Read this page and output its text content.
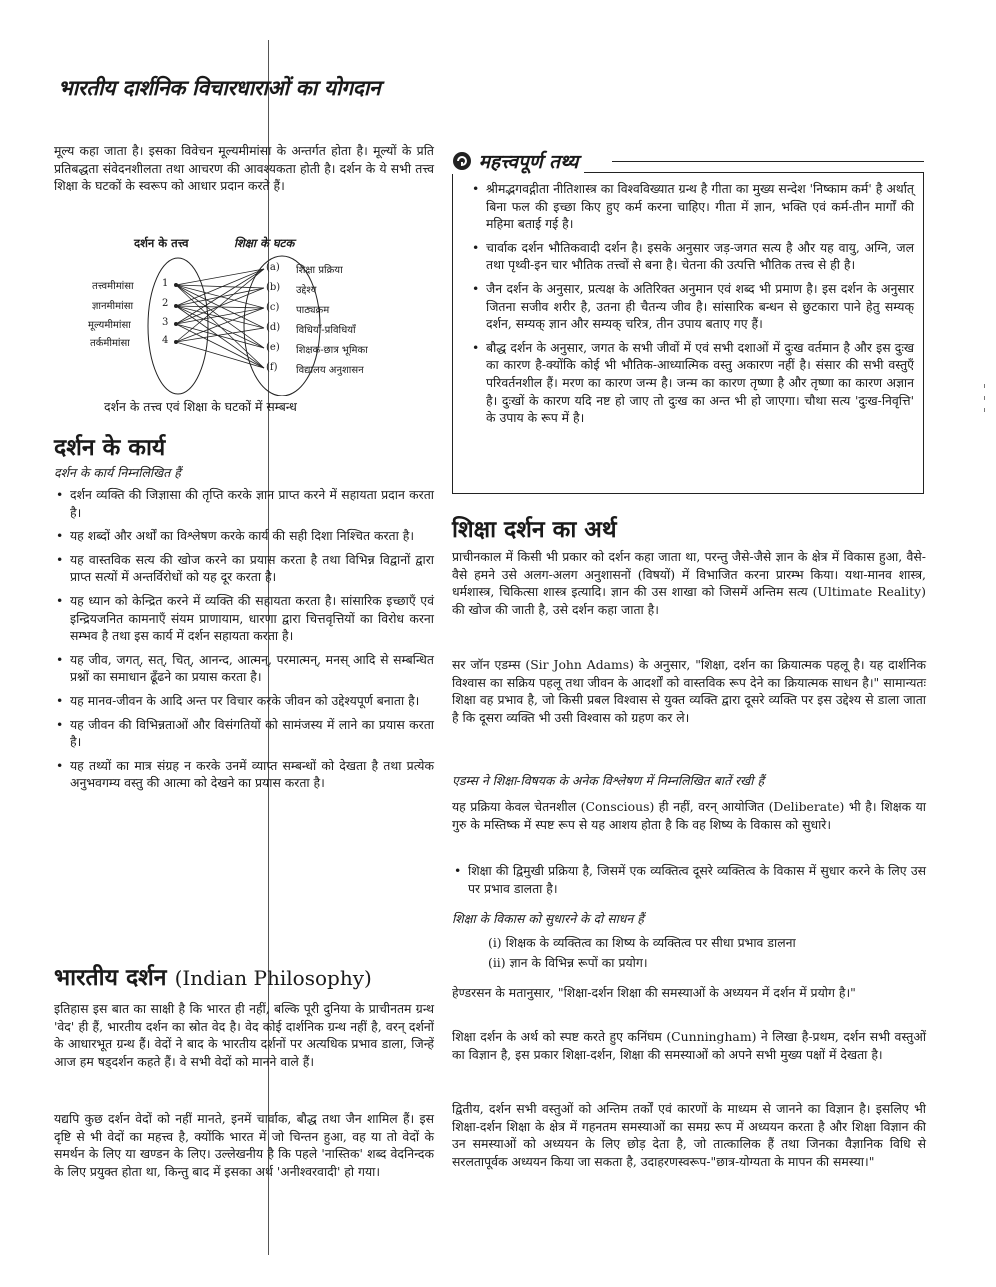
भारतीय दार्शनिक विचारधाराओं का योगदान
मूल्य कहा जाता है। इसका विवेचन मूल्यमीमांसा के अन्तर्गत होता है। मूल्यों के प्रति प्रतिबद्धता संवेदनशीलता तथा आचरण की आवश्यकता होती है। दर्शन के ये सभी तत्त्व शिक्षा के घटकों के स्वरूप को आधार प्रदान करते हैं।
दर्शन के तत्त्व	शिक्षा के घटक
तत्त्वमीमांसा
ज्ञानमीमांसा
मूल्यमीमांसा
तर्कमीमांसा
1
2
3
4
(a)
(b)
(c)
(d)
(e)
(f)
शिक्षा प्रक्रिया
उद्देश्य
पाठ्यक्रम
विधियाँ-प्रविधियाँ
शिक्षक-छात्र भूमिका
विद्यालय अनुशासन
दर्शन के तत्त्व एवं शिक्षा के घटकों में सम्बन्ध
दर्शन के कार्य
दर्शन के कार्य निम्नलिखित हैं
• दर्शन व्यक्ति की जिज्ञासा की तृप्ति करके ज्ञान प्राप्त करने में सहायता प्रदान करता है।
• यह शब्दों और अर्थों का विश्लेषण करके कार्य की सही दिशा निश्चित करता है।
• यह वास्तविक सत्य की खोज करने का प्रयास करता है तथा विभिन्न विद्वानों द्वारा प्राप्त सत्यों में अन्तर्विरोधों को यह दूर करता है।
• यह ध्यान को केन्द्रित करने में व्यक्ति की सहायता करता है। सांसारिक इच्छाएँ एवं इन्द्रियजनित कामनाएँ संयम प्राणायाम, धारणा द्वारा चित्तवृत्तियों का विरोध करना सम्भव है तथा इस कार्य में दर्शन सहायता करता है।
• यह जीव, जगत्, सत्, चित्, आनन्द, आत्मन्, परमात्मन्, मनस् आदि से सम्बन्धित प्रश्नों का समाधान ढूँढने का प्रयास करता है।
• यह मानव-जीवन के आदि अन्त पर विचार करके जीवन को उद्देश्यपूर्ण बनाता है।
• यह जीवन की विभिन्नताओं और विसंगतियों को सामंजस्य में लाने का प्रयास करता है।
• यह तथ्यों का मात्र संग्रह न करके उनमें व्याप्त सम्बन्धों को देखता है तथा प्रत्येक अनुभवगम्य वस्तु की आत्मा को देखने का प्रयास करता है।
भारतीय दर्शन (Indian Philosophy)
इतिहास इस बात का साक्षी है कि भारत ही नहीं, बल्कि पूरी दुनिया के प्राचीनतम ग्रन्थ 'वेद' ही हैं, भारतीय दर्शन का स्रोत वेद है। वेद कोई दार्शनिक ग्रन्थ नहीं है, वरन् दर्शनों के आधारभूत ग्रन्थ हैं। वेदों ने बाद के भारतीय दर्शनों पर अत्यधिक प्रभाव डाला, जिन्हें आज हम षड्दर्शन कहते हैं। वे सभी वेदों को मानने वाले हैं।
यद्यपि कुछ दर्शन वेदों को नहीं मानते, इनमें चार्वाक, बौद्ध तथा जैन शामिल हैं। इस दृष्टि से भी वेदों का महत्त्व है, क्योंकि भारत में जो चिन्तन हुआ, वह या तो वेदों के समर्थन के लिए या खण्डन के लिए। उल्लेखनीय है कि पहले 'नास्तिक' शब्द वेदनिन्दक के लिए प्रयुक्त होता था, किन्तु बाद में इसका अर्थ 'अनीश्वरवादी' हो गया।
महत्त्वपूर्ण तथ्य
• श्रीमद्भगवद्गीता नीतिशास्त्र का विश्वविख्यात ग्रन्थ है गीता का मुख्य सन्देश 'निष्काम कर्म' है अर्थात् बिना फल की इच्छा किए हुए कर्म करना चाहिए। गीता में ज्ञान, भक्ति एवं कर्म-तीन मार्गों की महिमा बताई गई है।
• चार्वाक दर्शन भौतिकवादी दर्शन है। इसके अनुसार जड़-जगत सत्य है और यह वायु, अग्नि, जल तथा पृथ्वी-इन चार भौतिक तत्त्वों से बना है। चेतना की उत्पत्ति भौतिक तत्त्व से ही है।
• जैन दर्शन के अनुसार, प्रत्यक्ष के अतिरिक्त अनुमान एवं शब्द भी प्रमाण है। इस दर्शन के अनुसार जितना सजीव शरीर है, उतना ही चैतन्य जीव है। सांसारिक बन्धन से छुटकारा पाने हेतु सम्यक् दर्शन, सम्यक् ज्ञान और सम्यक् चरित्र, तीन उपाय बताए गए हैं।
• बौद्ध दर्शन के अनुसार, जगत के सभी जीवों में एवं सभी दशाओं में दुःख वर्तमान है और इस दुःख का कारण है-क्योंकि कोई भी भौतिक-आध्यात्मिक वस्तु अकारण नहीं है। संसार की सभी वस्तुएँ परिवर्तनशील हैं। मरण का कारण जन्म है। जन्म का कारण तृष्णा है और तृष्णा का कारण अज्ञान है। दुःखों के कारण यदि नष्ट हो जाए तो दुःख का अन्त भी हो जाएगा। चौथा सत्य 'दुःख-निवृत्ति' के उपाय के रूप में है।
शिक्षा दर्शन का अर्थ
प्राचीनकाल में किसी भी प्रकार को दर्शन कहा जाता था, परन्तु जैसे-जैसे ज्ञान के क्षेत्र में विकास हुआ, वैसे-वैसे हमने उसे अलग-अलग अनुशासनों (विषयों) में विभाजित करना प्रारम्भ किया। यथा-मानव शास्त्र, धर्मशास्त्र, चिकित्सा शास्त्र इत्यादि। ज्ञान की उस शाखा को जिसमें अन्तिम सत्य (Ultimate Reality) की खोज की जाती है, उसे दर्शन कहा जाता है।
सर जॉन एडम्स (Sir John Adams) के अनुसार, "शिक्षा, दर्शन का क्रियात्मक पहलू है। यह दार्शनिक विश्वास का सक्रिय पहलू तथा जीवन के आदर्शों को वास्तविक रूप देने का क्रियात्मक साधन है।" सामान्यतः शिक्षा वह प्रभाव है, जो किसी प्रबल विश्वास से युक्त व्यक्ति द्वारा दूसरे व्यक्ति पर इस उद्देश्य से डाला जाता है कि दूसरा व्यक्ति भी उसी विश्वास को ग्रहण कर ले।
एडम्स ने शिक्षा-विषयक के अनेक विश्लेषण में निम्नलिखित बातें रखी हैं
यह प्रक्रिया केवल चेतनशील (Conscious) ही नहीं, वरन् आयोजित (Deliberate) भी है। शिक्षक या गुरु के मस्तिष्क में स्पष्ट रूप से यह आशय होता है कि वह शिष्य के विकास को सुधारे।
• शिक्षा की द्विमुखी प्रक्रिया है, जिसमें एक व्यक्तित्व दूसरे व्यक्तित्व के विकास में सुधार करने के लिए उस पर प्रभाव डालता है।
शिक्षा के विकास को सुधारने के दो साधन हैं
(i) शिक्षक के व्यक्तित्व का शिष्य के व्यक्तित्व पर सीधा प्रभाव डालना
(ii) ज्ञान के विभिन्न रूपों का प्रयोग।
हेण्डरसन के मतानुसार, "शिक्षा-दर्शन शिक्षा की समस्याओं के अध्ययन में दर्शन में प्रयोग है।"
शिक्षा दर्शन के अर्थ को स्पष्ट करते हुए कनिंघम (Cunningham) ने लिखा है-प्रथम, दर्शन सभी वस्तुओं का विज्ञान है, इस प्रकार शिक्षा-दर्शन, शिक्षा की समस्याओं को अपने सभी मुख्य पक्षों में देखता है।
द्वितीय, दर्शन सभी वस्तुओं को अन्तिम तर्कों एवं कारणों के माध्यम से जानने का विज्ञान है। इसलिए भी शिक्षा-दर्शन शिक्षा के क्षेत्र में गहनतम समस्याओं का समग्र रूप में अध्ययन करता है और शिक्षा विज्ञान की उन समस्याओं को अध्ययन के लिए छोड़ देता है, जो तात्कालिक हैं तथा जिनका वैज्ञानिक विधि से सरलतापूर्वक अध्ययन किया जा सकता है, उदाहरणस्वरूप-"छात्र-योग्यता के मापन की समस्या।"
